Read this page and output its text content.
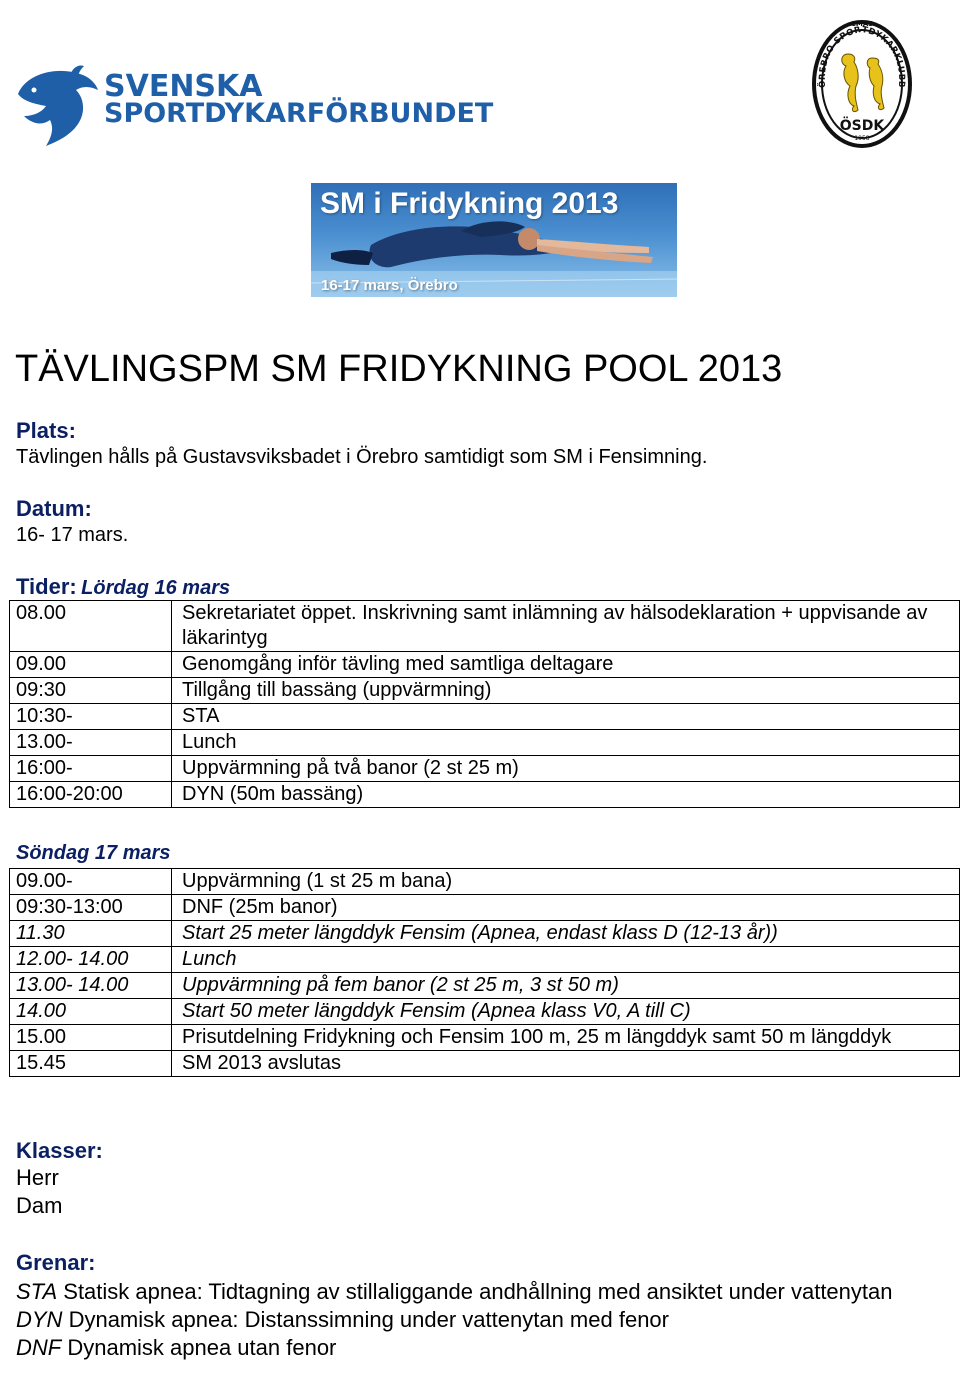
SVENSKA
SPORTDYKARFÖRBUNDET
CMAS
ÖREBRO SPORTDYKARKLUBB
ÖSDK
1958
SM i Fridykning 2013
16-17 mars, Örebro
TÄVLINGSPM SM FRIDYKNING POOL 2013
Plats:
Tävlingen hålls på Gustavsviksbadet i Örebro samtidigt som SM i Fensimning.
Datum:
16- 17 mars.
Tider: Lördag 16 mars
08.00	Sekretariatet öppet. Inskrivning samt inlämning av hälsodeklaration + uppvisande av läkarintyg
09.00	Genomgång inför tävling med samtliga deltagare
09:30	Tillgång till bassäng (uppvärmning)
10:30-	STA
13.00-	Lunch
16:00-	Uppvärmning på två banor (2 st 25 m)
16:00-20:00	DYN (50m bassäng)
Söndag 17 mars
09.00-	Uppvärmning (1 st 25 m bana)
09:30-13:00	DNF (25m banor)
11.30	Start 25 meter längddyk Fensim (Apnea, endast klass D (12-13 år))
12.00- 14.00	Lunch
13.00- 14.00	Uppvärmning på fem banor (2 st 25 m, 3 st 50 m)
14.00	Start 50 meter längddyk Fensim (Apnea klass V0, A till C)
15.00	Prisutdelning Fridykning och Fensim 100 m, 25 m längddyk samt 50 m längddyk
15.45	SM 2013 avslutas
Klasser:
Herr
Dam
Grenar:
STA Statisk apnea: Tidtagning av stillaliggande andhållning med ansiktet under vattenytan
DYN Dynamisk apnea: Distanssimning under vattenytan med fenor
DNF Dynamisk apnea utan fenor
